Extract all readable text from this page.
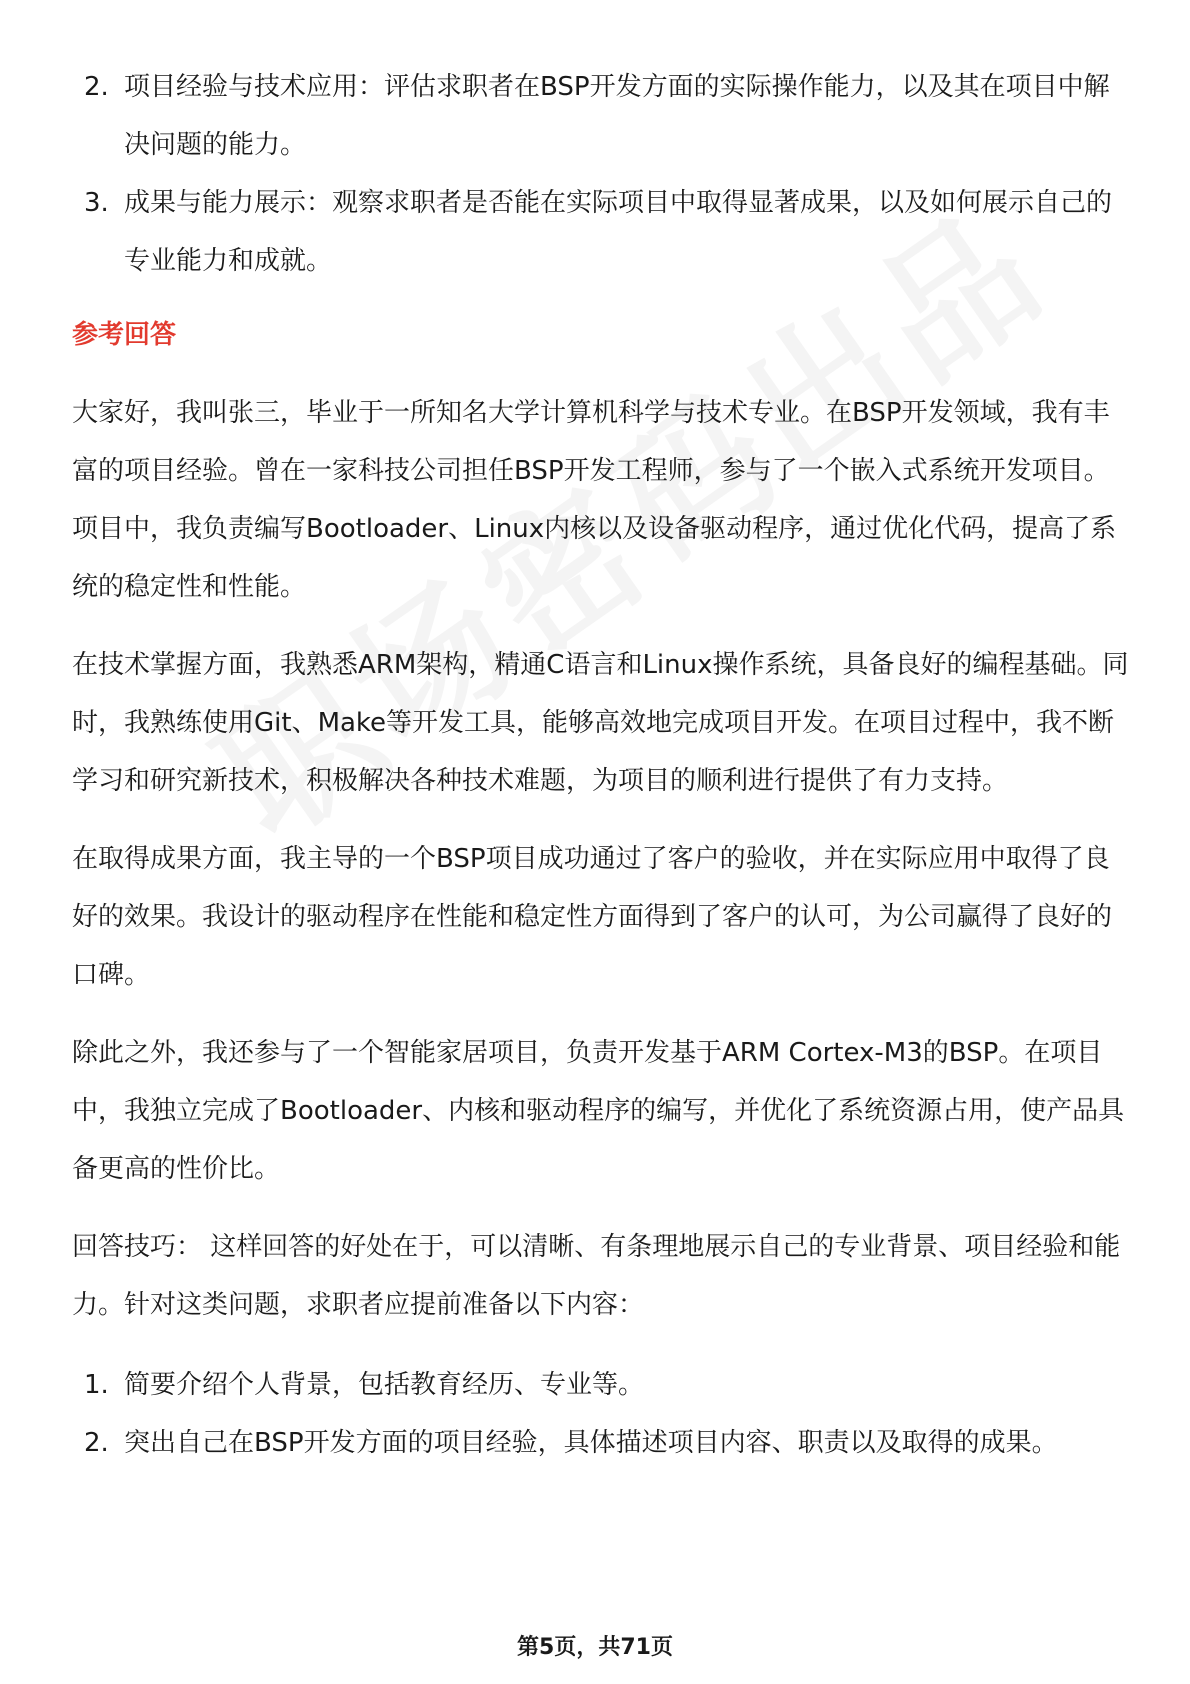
2. 项目经验与技术应用：评估求职者在BSP开发方面的实际操作能力，以及其在项目中解决问题的能力。
3. 成果与能力展示：观察求职者是否能在实际项目中取得显著成果，以及如何展示自己的专业能力和成就。
参考回答

大家好，我叫张三，毕业于一所知名大学计算机科学与技术专业。在BSP开发领域，我有丰富的项目经验。曾在一家科技公司担任BSP开发工程师，参与了一个嵌入式系统开发项目。项目中，我负责编写Bootloader、Linux内核以及设备驱动程序，通过优化代码，提高了系统的稳定性和性能。

在技术掌握方面，我熟悉ARM架构，精通C语言和Linux操作系统，具备良好的编程基础。同时，我熟练使用Git、Make等开发工具，能够高效地完成项目开发。在项目过程中，我不断学习和研究新技术，积极解决各种技术难题，为项目的顺利进行提供了有力支持。

在取得成果方面，我主导的一个BSP项目成功通过了客户的验收，并在实际应用中取得了良好的效果。我设计的驱动程序在性能和稳定性方面得到了客户的认可，为公司赢得了良好的口碑。

除此之外，我还参与了一个智能家居项目，负责开发基于ARM Cortex-M3的BSP。在项目中，我独立完成了Bootloader、内核和驱动程序的编写，并优化了系统资源占用，使产品具备更高的性价比。

回答技巧： 这样回答的好处在于，可以清晰、有条理地展示自己的专业背景、项目经验和能力。针对这类问题，求职者应提前准备以下内容：

1. 简要介绍个人背景，包括教育经历、专业等。
2. 突出自己在BSP开发方面的项目经验，具体描述项目内容、职责以及取得的成果。
第5页，共71页
